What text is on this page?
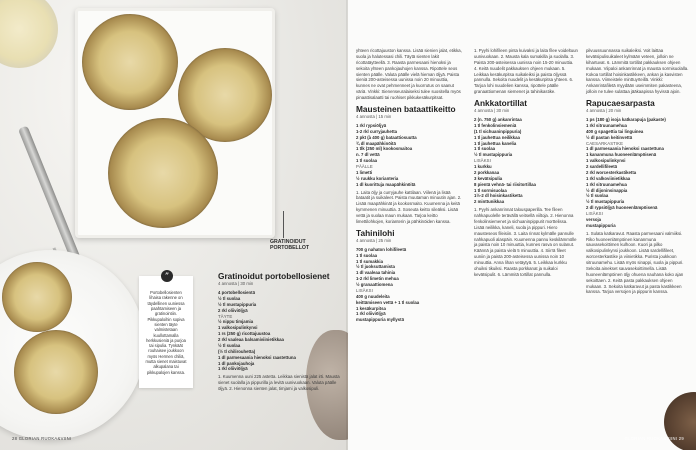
GRATINOIDUT
PORTOBELLOT
Portobellosienten lihaisa rakenne on täydellinen uuniessa paahtamiseen ja gratinointiin. Pikkupaloihin sopiva sienten täyte valmistetaan kuullottamalla herkkusieniä ja purjoa tai sipulia. Tynkäät rouhaisee joukkoon myös Hermen chiliä, mutta sienet maistuvat alkupalana tai pikkupalojen kanssa.
”	Gratinoidut portobellosienet
4 annosta | 30 min
4 portobellosientä
½ tl suolaa
½ tl mustapippuria
2 rkl oliiviöljyä
TÄYTE
½ nippu timjamia
1 valkosipulinkynsi
1 rs (250 g) ricottajuustoa
2 rkl vaaleaa balsamiviinietikkaa
½ tl suolaa
(½ tl chilirouhetta)
1 dl parmesaania hienoksi raastettuna
1 dl pankojauhoja
1 rkl oliiviöljyä

1. Kuumenna uuni 225 astetta. Leikkaa sienistä jalat irti. Mausta sienet suolalla ja pippurilla ja levitä uunivuokaan. Valuta päälle öljyä. 2. Hienonna sienten jalat, timjami ja valkosipuli.

28 GLORIAN RUOKA&VIINI

yhteen ricottajuuston kanssa. Lisää sienien jalat, etikka, suola ja halutessasi chili. Täytä sienten lakit ricottatäytteellä. 3. Raasta parmesaani hienoksi ja sekoita yhteen pankojauhojen kanssa. Ripottele seos sienten päälle. Valuta päälle vielä hieman öljyä. Paista sieniä 200-asteisessa uunissa noin 20 minuuttia, kunnes ne ovat pehmenneet ja kuorrutus on saanut väriä. Vinkki: Sienenseuralaiseksi tulee suositella myös pinaattisalaatti tai ruohiset pikkukesäkurpitsat.

Mausteinen bataattikeitto
4 annosta | 15 min
1 rkl rypsiöljyä
1-2 rkl curryjauhetta
2 pkt (à 400 g) bataattiosuutta
¾ dl maapähkinöitä
1 tlk (250 ml) kookosmaitoa
n. 7 dl vettä
1 tl suolaa
PÄÄLLE
1 limetti
½ ruukku korianteria
1 dl kuorittuja maapähkinöitä

1. Laita öljy ja curryjauhe kattilaan. Viilenä ja lisää bataatit ja suikaleet. Paista muutaman minuutin ajan. 2. Lisää maapähkinät ja kookosmaito. Kuumenna ja keitä kymmenen minuuttia. 3. Soseuta keitto sileäksi. Lisää vettä ja suolaa maun mukaan. Tarjoa keitto limettilohkojen, korianterin ja pähkinöiden kanssa.

Tahinilohi
4 annosta | 25 min
700 g nahaton lohifileetä
1 tl suolaa
1 tl sumakkia
½ tl juoksuttamista
1 dl vaaleaa tahinia
1-2 rkl limetin mehua
½ granaattiomena
LISÄKSI
400 g nuudeleita
keittämiseen vettä + 1 tl suolaa
1 kesäkurpitsa
1 rkl oliiviöljyä
mustapippuria myllystä

1. Pyyhi lohifileen pinta kuivaksi ja laita filee voideltuun uunivuokaan. 2. Mausta kala sumakilla ja suolalla. 3. Paista 200-asteisessa uunissa noin 15-20 minuuttia. 4. Keitä nuudelit pakkauksen ohjeen mukaan. 5. Leikkaa kesäkurpitsa suikaleiksi ja paista öljyssä pannulla. Sekoita nuudelit ja kesäkurpitsa yhteen. 6. Tarjoa lohi nuudelien kanssa, ripottele päälle granaattiomenan siemenet ja tahinikastike.

Ankkatortillat
4 annosta | 30 min
2 (n. 750 g) ankanrintaa
1 tl fenkolinsiemeniä
(1 tl sichuaninpippuria)
1 tl jauhettua neilikkaa
1 tl jauhettua kanelia
1 tl suolaa
½ tl mustapippuria
LISÄKSI
1 kurkku
2 porkkanaa
3 kevätsipulia
8 pientä vehnä- tai riisitortillaa
1 tl sormisuolaa
1½-2 dl hoisinkastiketta
2 minttunikkaa

1. Pyyhi ankanrinnat talouspaperilla. Tee fileen nahkapuolelle terävällä veitsellä viiltoja. 2. Hienonna fenkolinsiemenet ja sichuaninpippurit morttelissa. Lisää neilikka, kaneli, suola ja pippuri. Hiero mausteseos fileisiin. 3. Laita rinnat kylmälle pannulle nahkapuoli alaspäin. Kuumenna pannu keskilämmölle ja paista noin 10 minuuttia, kunnes rasva on sulanut. Käännä ja paista vielä 5 minuuttia. 4. Siirrä fileet uuniin ja paista 200-asteisessa uunissa noin 10 minuuttia. Anna lihan vetäytyä. 5. Leikkaa kurkku ohuiksi tikuiksi. Raasta porkkanat ja suikaloi kevätsipulit. 6. Lämmitä tortillat pannulla.

pilvuussuunnassa suikaleiksi. Voit laittaa kevätsipulisuikaleet kylmään veteen, jolloin ne kihartuvat. 6. Lämmitä tortillat pakkauksen ohjeen mukaan. Viipaloi ankanrinnat ja mausta sormisuolalla. Kokoa tortillat hoisinkastikkeen, ankan ja kasvisten kanssa. Viimeistele minttuyrteillä. Vinkki: Ankanrintafiletä myydään useimmiten pakasteena, jolloin ne tulee sulattaa jääkaapissa hyvissä ajoin.

Rapucaesarpasta
4 annosta | 20 min
1 ps (180 g) isoja katkarapuja (pakaste)
1 rkl sitruunamehua
400 g spagettia tai linguinea
½ dl pastan keitinvettä
CAESARKASTIKE
1 dl parmesaania hienoksi raastettuna
1 kananmuna huoneenlämpöisenä
1 valkosipulinkynsi
2 sardellifileetä
2 rkl worcesterkastiketta
1 rkl valkoviinietikkaa
1 rkl sitruunamehua
½ dl dijoninsinappia
½ tl suolaa
½ tl mustapippuria
2 dl rypsiöljyä huoneenlämpöisenä
LISÄKSI
versoja
mustapippuria

1. Sulata katkaravut. Raasta parmesaani valmiiksi. Riko huoneenlämpöinen kananmuna sauvasekoittimen kulhoon. Kuori ja pilko valkosipulinkynsi joukkoon. Lisää sardellifileet, worcesterkastike ja viinietikka. Purista joukkoon sitruunamehu. Lisää myös sinappi, suola ja pippuri. Sekoita ainekset sauvasekoittimella. Lisää huoneenlämpöinen öljy ohuena nauhana koko ajan sekoittaen. 2. Keitä pasta pakkauksen ohjeen mukaan. 3. Sekoita katkaravut ja pasta kastikkeen kanssa. Tarjoa versojen ja pippurin kanssa.

GLORIAN RUOKA&VIINI 29
